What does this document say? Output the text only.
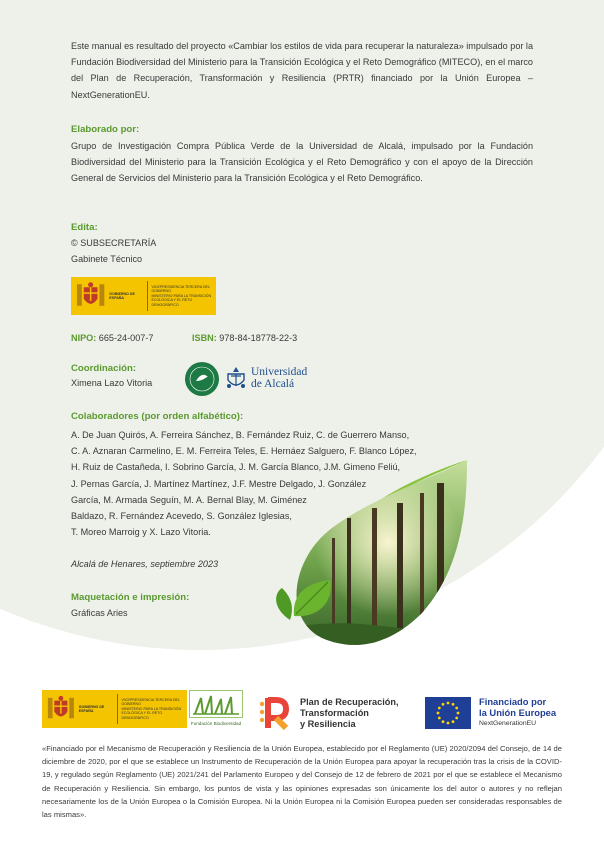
Este manual es resultado del proyecto «Cambiar los estilos de vida para recuperar la naturaleza» impulsado por la Fundación Biodiversidad del Ministerio para la Transición Ecológica y el Reto Demográfico (MITECO), en el marco del Plan de Recuperación, Transformación y Resiliencia (PRTR) financiado por la Unión Europea – NextGenerationEU.

Elaborado por:

Grupo de Investigación Compra Pública Verde de la Universidad de Alcalá, impulsado por la Fundación Biodiversidad del Ministerio para la Transición Ecológica y el Reto Demográfico y con el apoyo de la Dirección General de Servicios del Ministerio para la Transición Ecológica y el Reto Demográfico.

Edita:

© SUBSECRETARÍA

Gabinete Técnico

GOBIERNO DE ESPAÑA
VICEPRESIDENCIA TERCERA DEL GOBIERNO
MINISTERIO PARA LA TRANSICIÓN ECOLÓGICA Y EL RETO DEMOGRÁFICO
NIPO: 665-24-007-7	ISBN: 978-84-18778-22-3

Coordinación:

Ximena Lazo Vitoria

Universidad
de Alcalá

Colaboradores (por orden alfabético):

A. De Juan Quirós, A. Ferreira Sánchez, B. Fernández Ruiz, C. de Guerrero Manso,
C. A. Aznaran Carmelino, E. M. Ferreira Teles, E. Hernáez Salguero, F. Blanco López,
H. Ruiz de Castañeda, I. Sobrino García, J. M. García Blanco, J.M. Gimeno Feliú,
J. Pernas García, J. Martínez Martínez, J.F. Mestre Delgado, J. González
García, M. Armada Seguín, M. A. Bernal Blay, M. Giménez
Baldazo, R. Fernández Acevedo, S. González Iglesias,
T. Moreo Marroig y X. Lazo Vitoria.

Alcalá de Henares, septiembre 2023

Maquetación e impresión:

Gráficas Aries

GOBIERNO DE ESPAÑA
VICEPRESIDENCIA TERCERA DEL GOBIERNO
MINISTERIO PARA LA TRANSICIÓN ECOLÓGICA Y EL RETO DEMOGRÁFICO
Fundación Biodiversidad
Plan de Recuperación,
Transformación
y Resiliencia
Financiado por
la Unión Europea
NextGenerationEU

«Financiado por el Mecanismo de Recuperación y Resiliencia de la Unión Europea, establecido por el Reglamento (UE) 2020/2094 del Consejo, de 14 de diciembre de 2020, por el que se establece un Instrumento de Recuperación de la Unión Europea para apoyar la recuperación tras la crisis de la COVID-19, y regulado según Reglamento (UE) 2021/241 del Parlamento Europeo y del Consejo de 12 de febrero de 2021 por el que se establece el Mecanismo de Recuperación y Resiliencia. Sin embargo, los puntos de vista y las opiniones expresadas son únicamente los del autor o autores y no reflejan necesariamente los de la Unión Europea o la Comisión Europea. Ni la Unión Europea ni la Comisión Europea pueden ser consideradas responsables de las mismas».
